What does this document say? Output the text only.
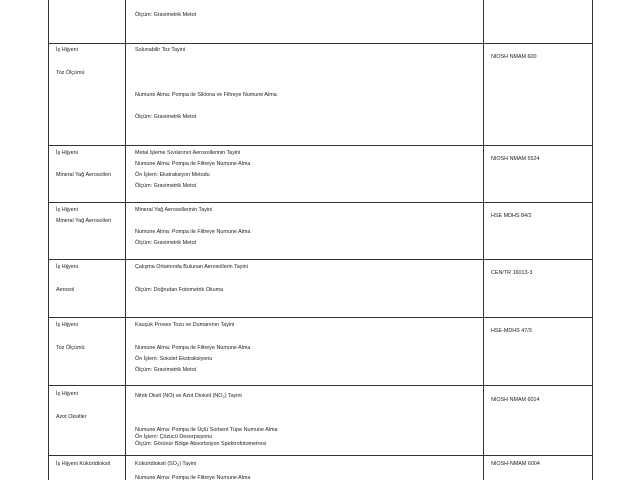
Ölçüm: Gravimetrik Metot
İş Hijyeni
Toz Ölçümü
Solunabilir Toz Tayini
Numune Alma: Pompa ile Siklona ve Filtreye Numune Alma
Ölçüm: Gravimetrik Metot
NIOSH NMAM 600
İş Hijyeni
Mineral Yağ Aerosolleri
Metal İşleme Sıvılarının Aerosollerinin Tayini
Numune Alma: Pompa ile Filtreye Numune Alma
Ön İşlem: Ekstraksiyon Metodu
Ölçüm: Gravimetrik Metot
NIOSH NMAM 5524
İş Hijyeni
Mineral Yağ Aerosolleri
Mineral Yağ Aerosollerinin Tayini
Numune Alma: Pompa ile Filtreye Numune Alma
Ölçüm: Gravimetrik Metot
HSE MDHS 84/2
İş Hijyeni
Aerosol
Çalışma Ortamında Bulunan Aerosollerin Tayini
Ölçüm: Doğrudan Fotometrik Okuma
CEN/TR 16013-3
İş Hijyeni
Toz Ölçümü
Kauçuk Proses Tozu ve Dumanının Tayini
Numune Alma: Pompa ile Filtreye Numune Alma
Ön İşlem: Sokslet Ekstraksiyonu
Ölçüm: Gravimetrik Metot
HSE-MDHS 47/3
İş Hijyeni
Azot Oksitler
Nitrik Oksit (NO) ve Azot Dioksit $(NO_2)$ Tayini
Numune Alma: Pompa ile Üçlü Sorbent Tüpe Numune Alma
Ön İşlem: Çözücü Desorpsiyonu
Ölçüm: Görünür Bölge Absorbsiyon Spektrofotometresi
NIOSH NMAM 6014
İş Hijyeni Kükürtdioksit	Kükürtdioksit $(SO_2)$ Tayini
Numune Alma: Pompa ile Filtreye Numune Alma
NIOSH-NMAM 6004
